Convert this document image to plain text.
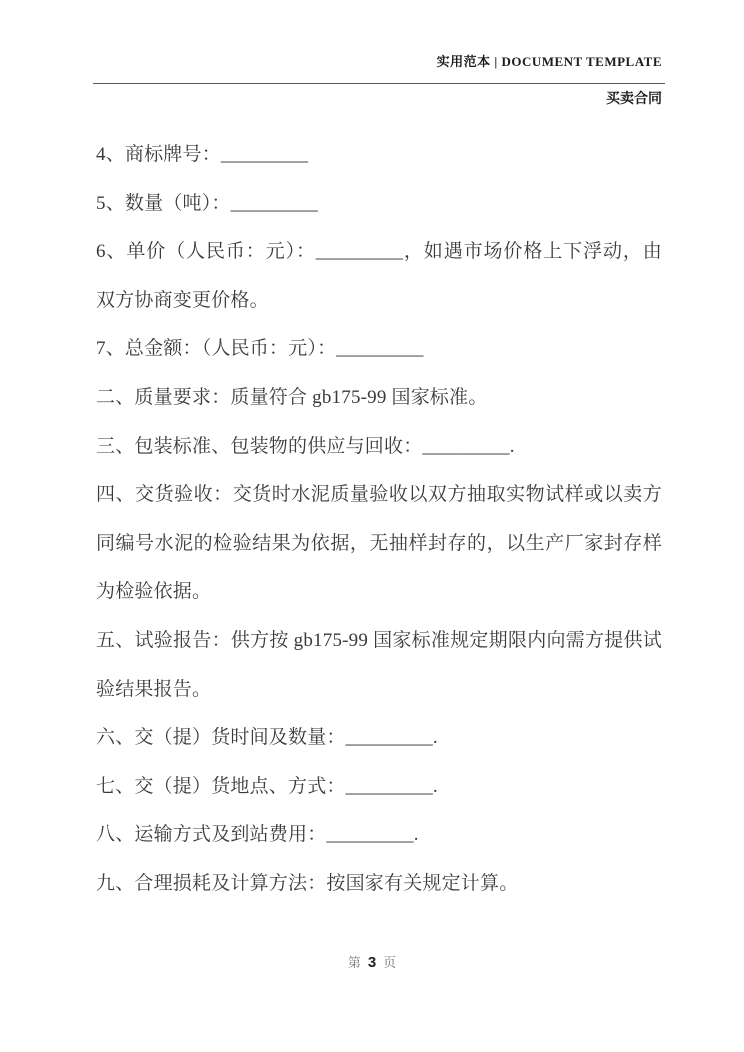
实用范本 | DOCUMENT TEMPLATE
买卖合同
4、商标牌号：_________
5、数量（吨）：_________
6、单价（人民币：元）：_________，如遇市场价格上下浮动，由
双方协商变更价格。
7、总金额：（人民币：元）：_________
二、质量要求：质量符合 gb175-99 国家标准。
三、包装标准、包装物的供应与回收：_________.
四、交货验收：交货时水泥质量验收以双方抽取实物试样或以卖方
同编号水泥的检验结果为依据，无抽样封存的，以生产厂家封存样
为检验依据。
五、试验报告：供方按 gb175-99 国家标准规定期限内向需方提供试
验结果报告。
六、交（提）货时间及数量：_________.
七、交（提）货地点、方式：_________.
八、运输方式及到站费用：_________.
九、合理损耗及计算方法：按国家有关规定计算。
第 3 页
